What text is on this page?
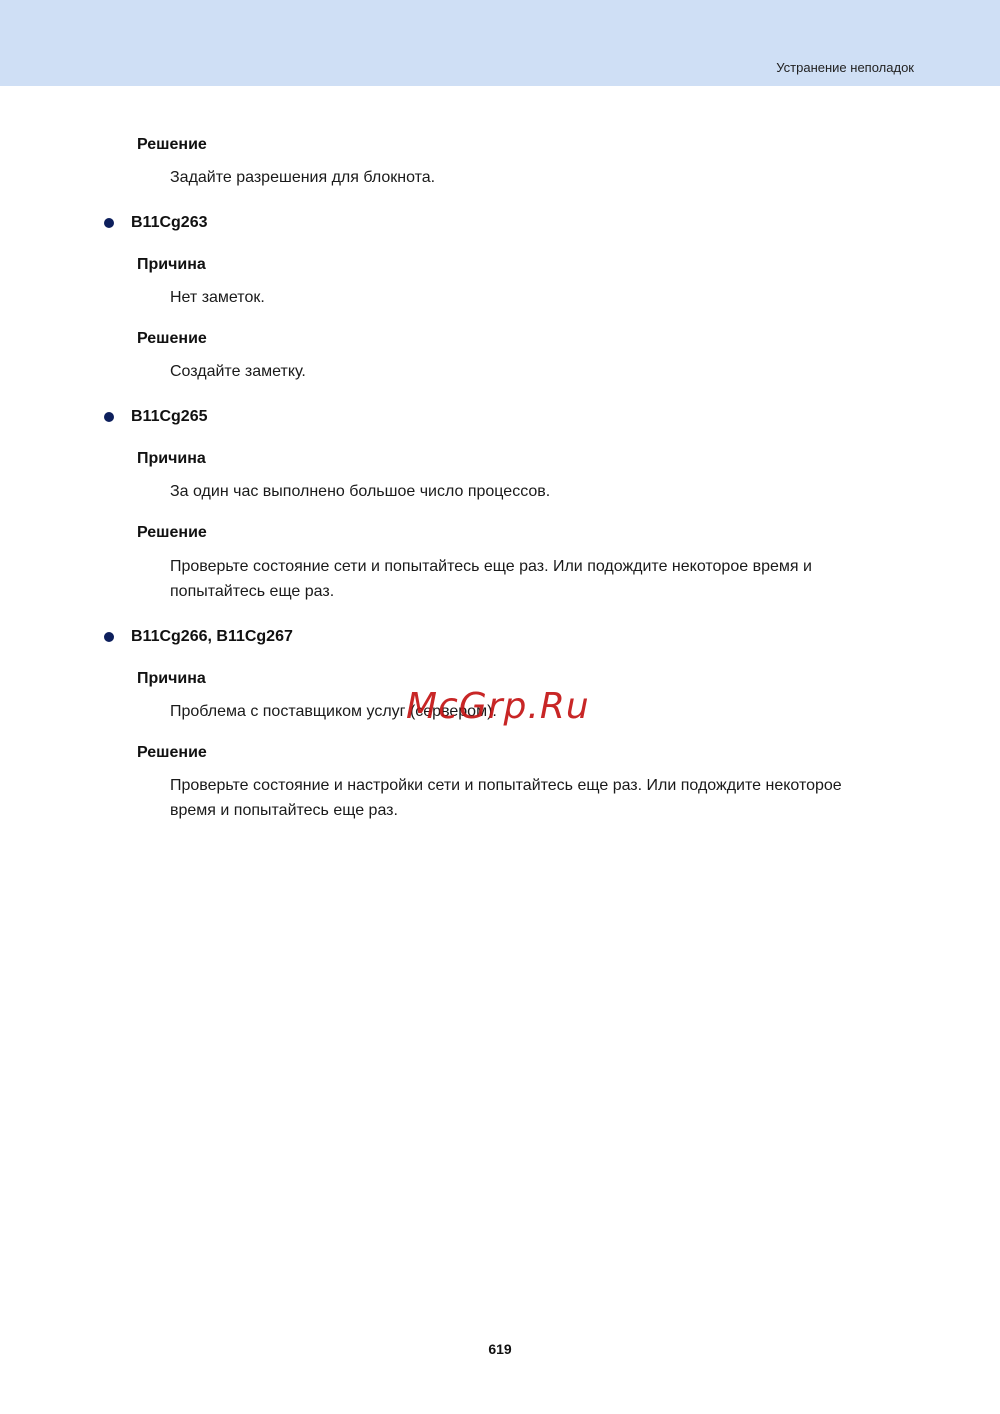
Устранение неполадок
Решение
Задайте разрешения для блокнота.
B11Cg263
Причина
Нет заметок.
Решение
Создайте заметку.
B11Cg265
Причина
За один час выполнено большое число процессов.
Решение
Проверьте состояние сети и попытайтесь еще раз. Или подождите некоторое время и попытайтесь еще раз.
B11Cg266, B11Cg267
Причина
Проблема с поставщиком услуг (сервером).
Решение
Проверьте состояние и настройки сети и попытайтесь еще раз. Или подождите некоторое время и попытайтесь еще раз.
McGrp.Ru
619
